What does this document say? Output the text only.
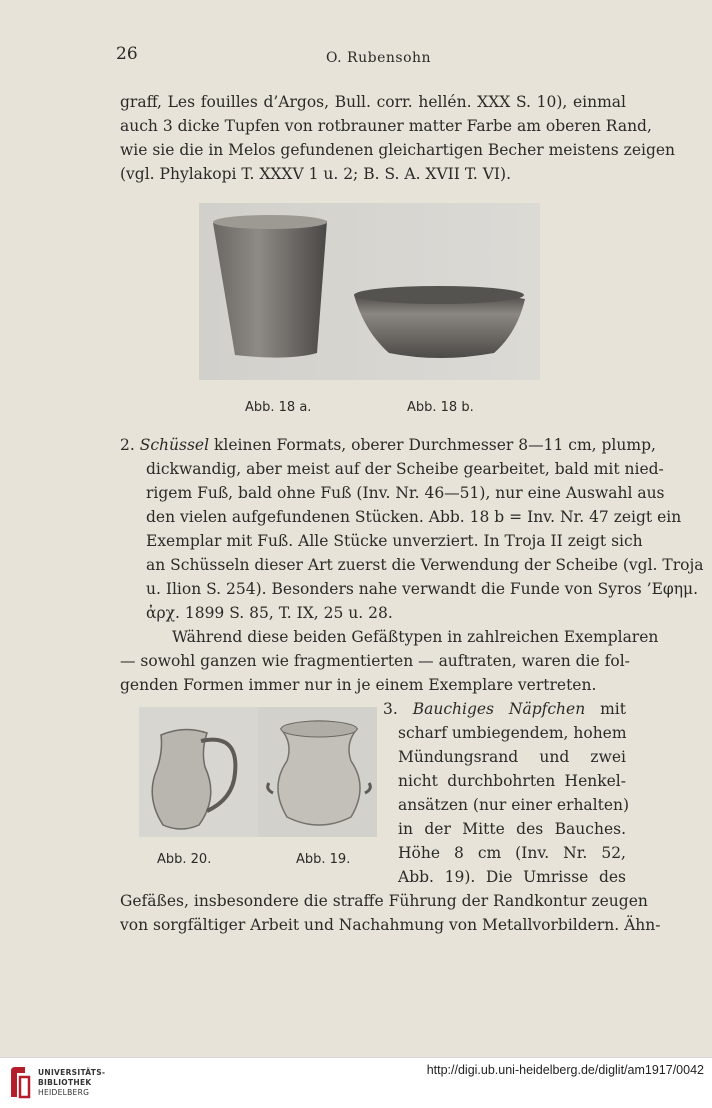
26	O. Rubensohn
graff, Les fouilles d’Argos, Bull. corr. hellén. XXX S. 10), einmal
auch 3 dicke Tupfen von rotbrauner matter Farbe am oberen Rand,
wie sie die in Melos gefundenen gleichartigen Becher meistens zeigen
(vgl. Phylakopi T. XXXV 1 u. 2; B. S. A. XVII T. VI).
Abb. 18 a.	Abb. 18 b.
2. Schüssel kleinen Formats, oberer Durchmesser 8—11 cm, plump,
dickwandig, aber meist auf der Scheibe gearbeitet, bald mit nied-
rigem Fuß, bald ohne Fuß (Inv. Nr. 46—51), nur eine Auswahl aus
den vielen aufgefundenen Stücken. Abb. 18 b = Inv. Nr. 47 zeigt ein
Exemplar mit Fuß. Alle Stücke unverziert. In Troja II zeigt sich
an Schüsseln dieser Art zuerst die Verwendung der Scheibe (vgl. Troja
u. Ilion S. 254). Besonders nahe verwandt die Funde von Syros ’Εφημ.
ἀρχ. 1899 S. 85, T. IX, 25 u. 28.
Während diese beiden Gefäßtypen in zahlreichen Exemplaren
— sowohl ganzen wie fragmentierten — auftraten, waren die fol-
genden Formen immer nur in je einem Exemplare vertreten.
Abb. 20.	Abb. 19.
3. Bauchiges Näpfchen mit
scharf umbiegendem, hohem
Mündungsrand und zwei
nicht durchbohrten Henkel-
ansätzen (nur einer erhalten)
in der Mitte des Bauches.
Höhe 8 cm (Inv. Nr. 52,
Abb. 19). Die Umrisse des
Gefäßes, insbesondere die straffe Führung der Randkontur zeugen
von sorgfältiger Arbeit und Nachahmung von Metallvorbildern. Ähn-
UNIVERSITÄTS-
BIBLIOTHEK
HEIDELBERG
http://digi.ub.uni-heidelberg.de/diglit/am1917/0042
